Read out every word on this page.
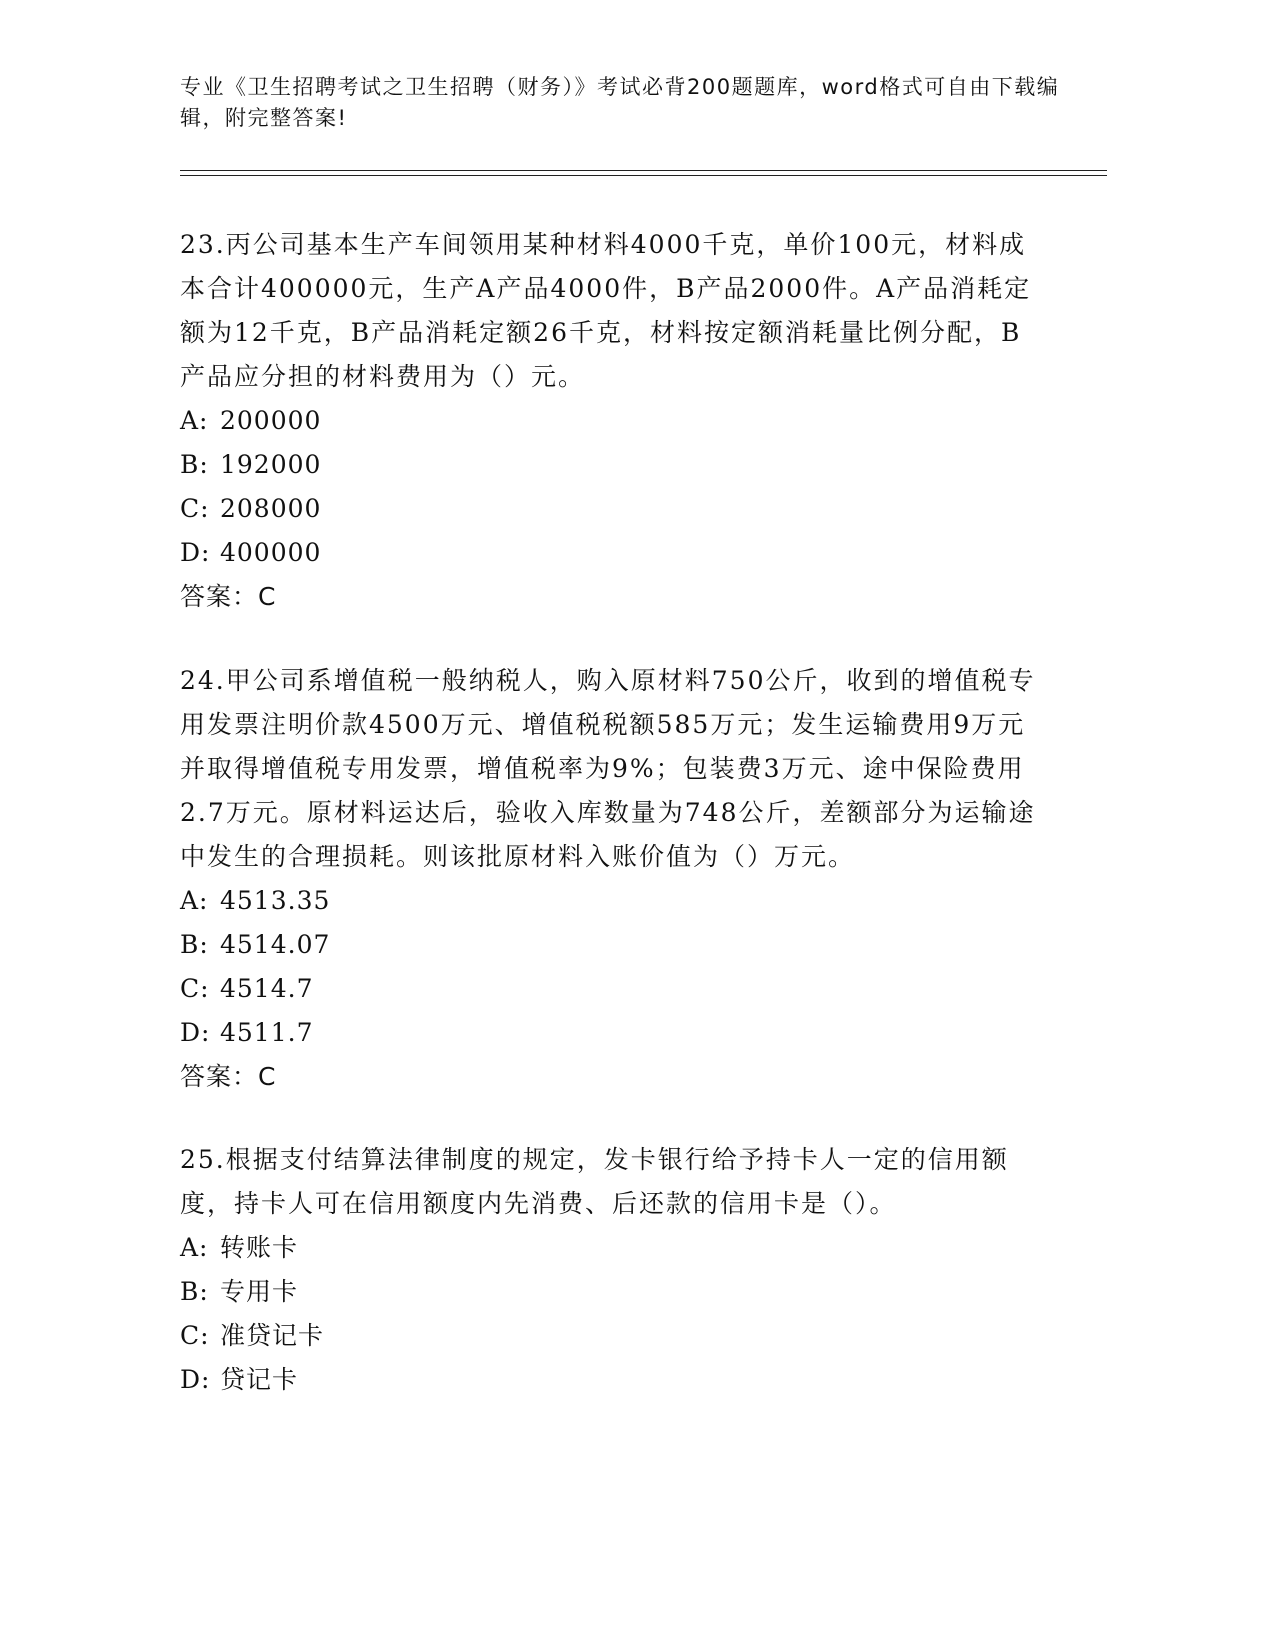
专业《卫生招聘考试之卫生招聘（财务）》考试必背200题题库，word格式可自由下载编辑，附完整答案!

23.丙公司基本生产车间领用某种材料4000千克，单价100元，材料成本合计400000元，生产A产品4000件，B产品2000件。A产品消耗定额为12千克，B产品消耗定额26千克，材料按定额消耗量比例分配，B产品应分担的材料费用为（）元。

A: 200000

B: 192000

C: 208000

D: 400000

答案：C

24.甲公司系增值税一般纳税人，购入原材料750公斤，收到的增值税专用发票注明价款4500万元、增值税税额585万元；发生运输费用9万元并取得增值税专用发票，增值税率为9%；包装费3万元、途中保险费用2.7万元。原材料运达后，验收入库数量为748公斤，差额部分为运输途中发生的合理损耗。则该批原材料入账价值为（）万元。

A: 4513.35

B: 4514.07

C: 4514.7

D: 4511.7

答案：C

25.根据支付结算法律制度的规定，发卡银行给予持卡人一定的信用额度，持卡人可在信用额度内先消费、后还款的信用卡是（）。

A: 转账卡

B: 专用卡

C: 准贷记卡

D: 贷记卡
